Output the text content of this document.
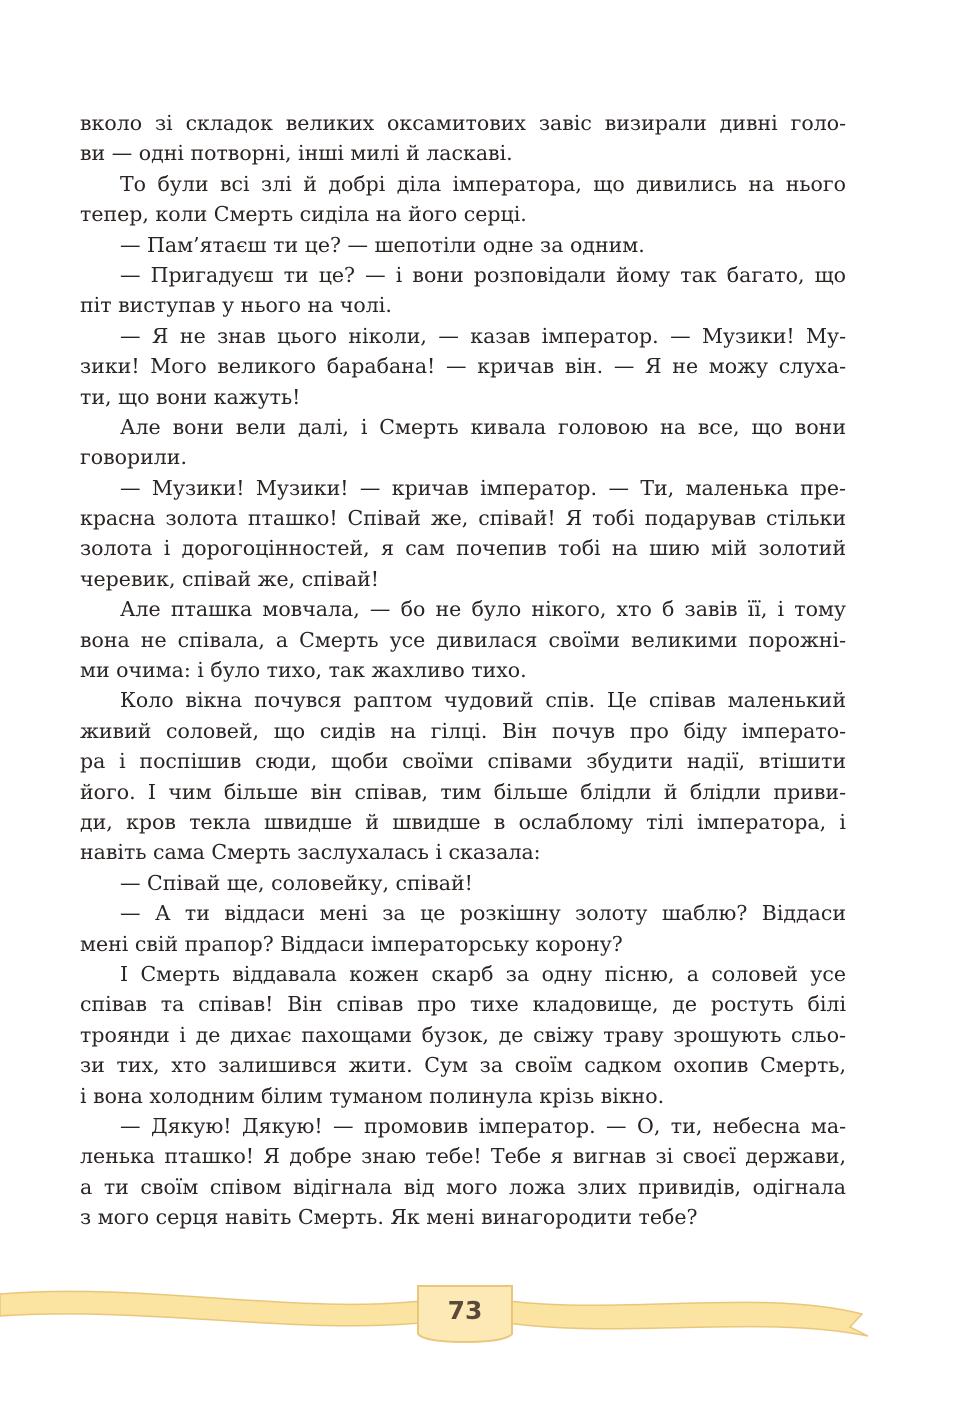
вколо зі складок великих оксамитових завіс визирали дивні голо-
ви — одні потворні, інші милі й ласкаві.
То були всі злі й добрі діла імператора, що дивились на нього
тепер, коли Смерть сиділа на його серці.
— Пам’ятаєш ти це? — шепотіли одне за одним.
— Пригадуєш ти це? — і вони розповідали йому так багато, що
піт виступав у нього на чолі.
— Я не знав цього ніколи, — казав імператор. — Музики! Му-
зики! Мого великого барабана! — кричав він. — Я не можу слуха-
ти, що вони кажуть!
Але вони вели далі, і Смерть кивала головою на все, що вони
говорили.
— Музики! Музики! — кричав імператор. — Ти, маленька пре-
красна золота пташко! Співай же, співай! Я тобі подарував стільки
золота і дорогоцінностей, я сам почепив тобі на шию мій золотий
черевик, співай же, співай!
Але пташка мовчала, — бо не було нікого, хто б завів її, і тому
вона не співала, а Смерть усе дивилася своїми великими порожні-
ми очима: і було тихо, так жахливо тихо.
Коло вікна почувся раптом чудовий спів. Це співав маленький
живий соловей, що сидів на гілці. Він почув про біду імперато-
ра і поспішив сюди, щоби своїми співами збудити надії, втішити
його. І чим більше він співав, тим більше блідли й блідли приви-
ди, кров текла швидше й швидше в ослабломy тілі імператора, і
навіть сама Смерть заслухалась і сказала:
— Співай ще, соловейку, співай!
— А ти віддаси мені за це розкішну золоту шаблю? Віддаси
мені свій прапор? Віддаси імператорську корону?
І Смерть віддавала кожен скарб за одну пісню, а соловей усе
співав та співав! Він співав про тихе кладовище, де ростуть білі
троянди і де дихає пахощами бузок, де свіжу траву зрошують сльо-
зи тих, хто залишився жити. Сум за своїм садком охопив Смерть,
і вона холодним білим туманом полинула крізь вікно.
— Дякую! Дякую! — промовив імператор. — О, ти, небесна ма-
ленька пташко! Я добре знаю тебе! Тебе я вигнав зі своєї держави,
а ти своїм співом відігнала від мого ложа злих привидів, одігнала
з мого серця навіть Смерть. Як мені винагородити тебе?
73
